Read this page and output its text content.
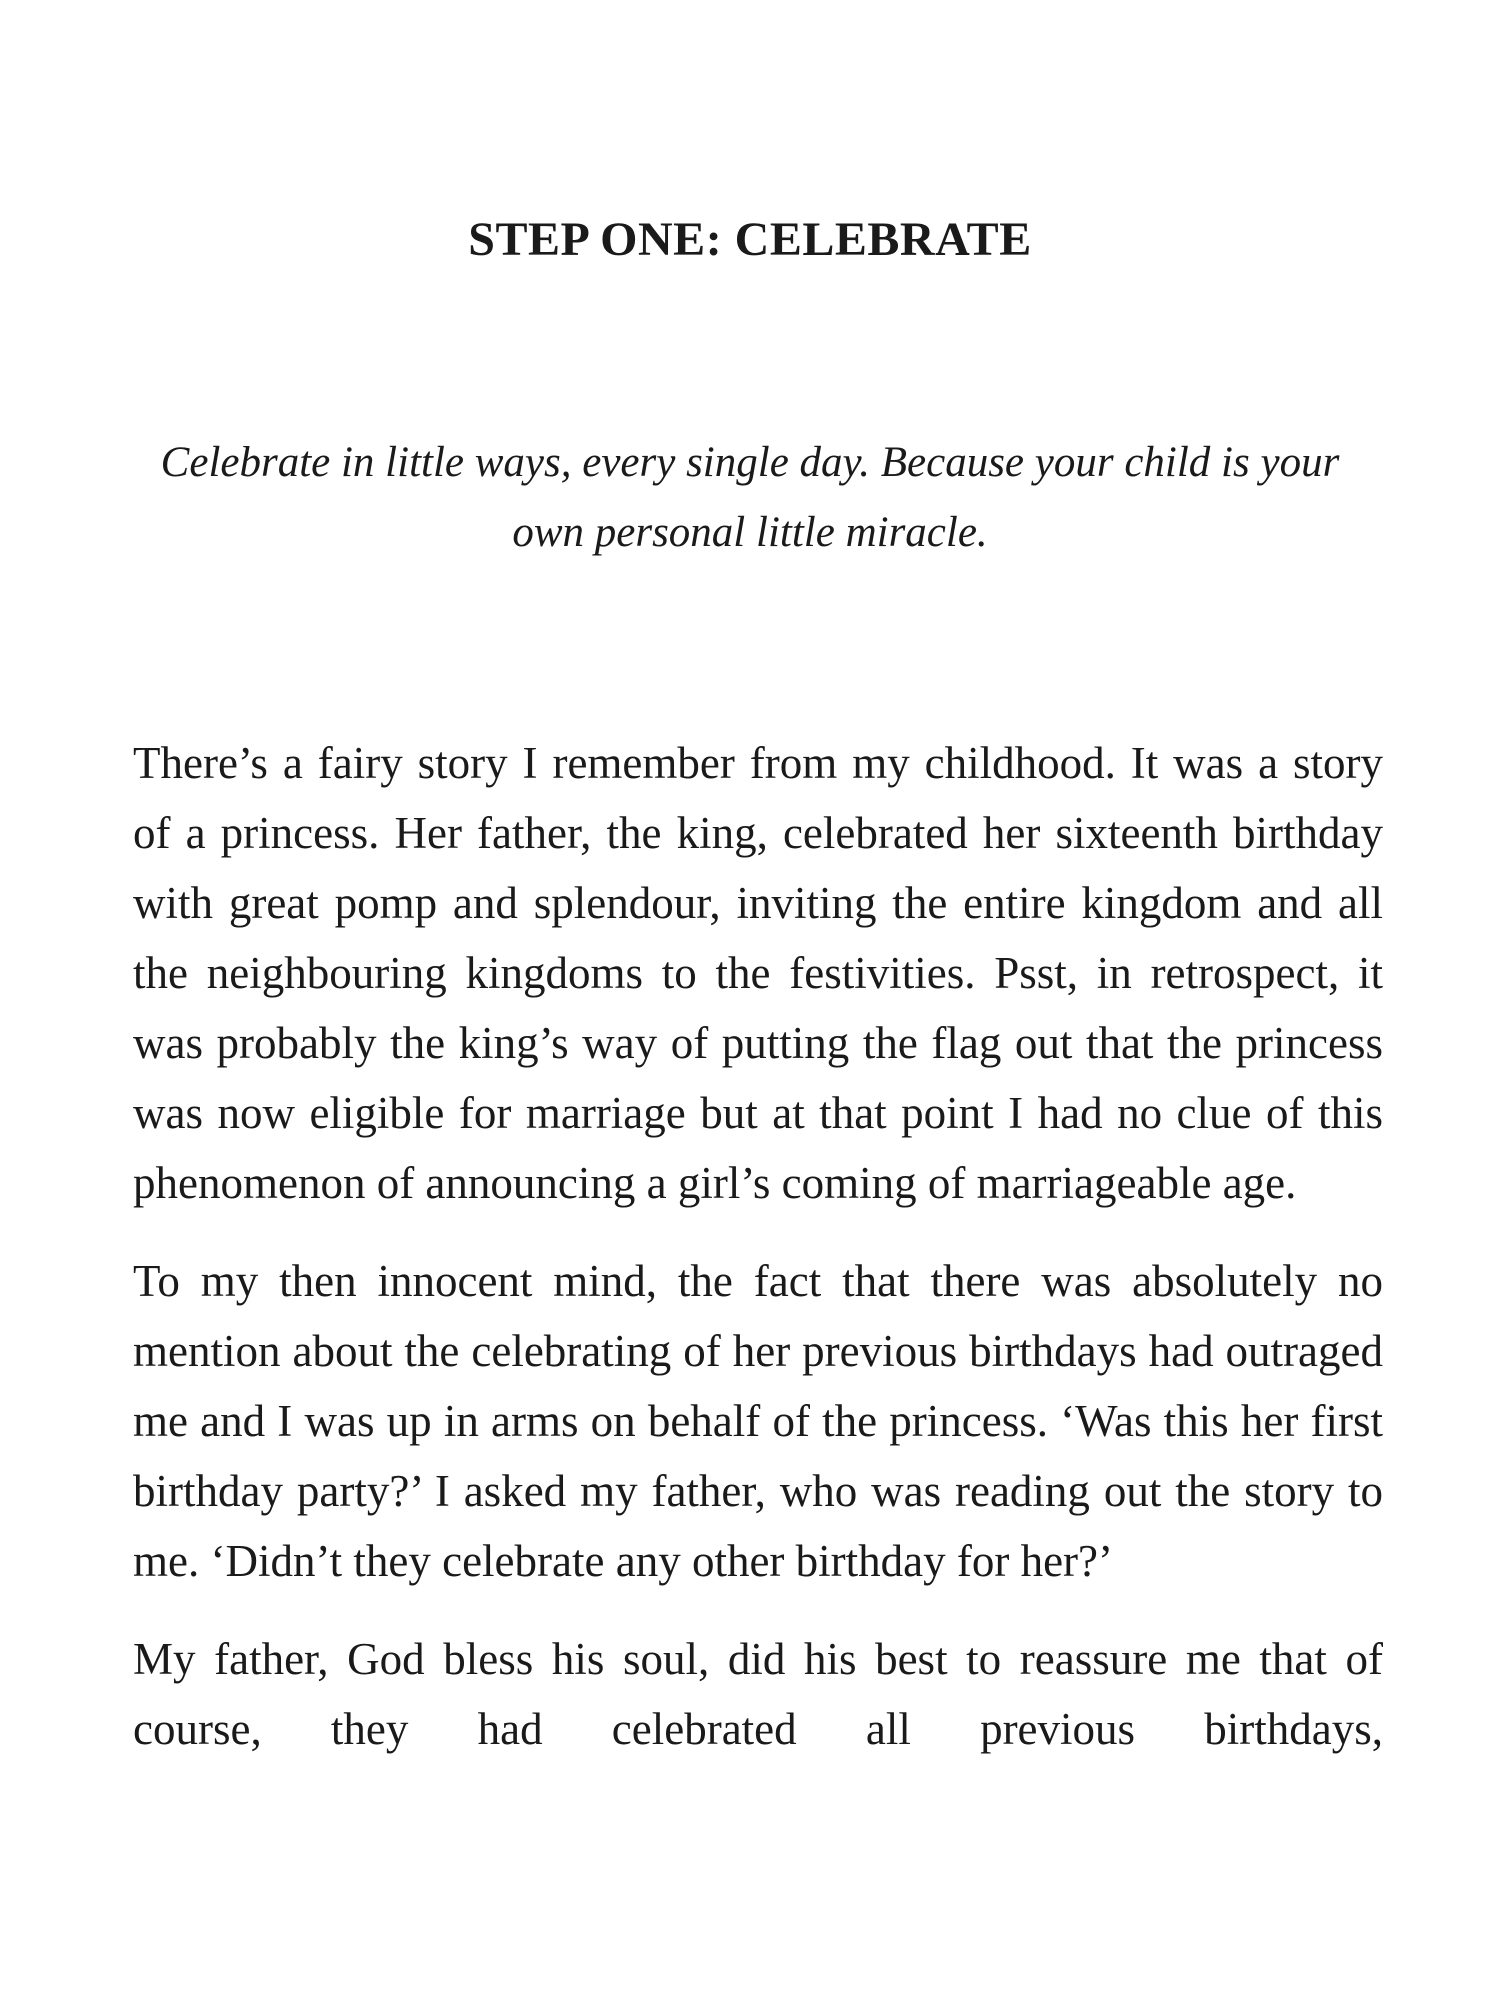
STEP ONE: CELEBRATE

Celebrate in little ways, every single day. Because your child is your own personal little miracle.

There’s a fairy story I remember from my childhood. It was a story of a princess. Her father, the king, celebrated her sixteenth birthday with great pomp and splendour, inviting the entire kingdom and all the neighbouring kingdoms to the festivities. Psst, in retrospect, it was probably the king’s way of putting the flag out that the princess was now eligible for marriage but at that point I had no clue of this phenomenon of announcing a girl’s coming of marriageable age.

To my then innocent mind, the fact that there was absolutely no mention about the celebrating of her previous birthdays had outraged me and I was up in arms on behalf of the princess. ‘Was this her first birthday party?’ I asked my father, who was reading out the story to me. ‘Didn’t they celebrate any other birthday for her?’

My father, God bless his soul, did his best to reassure me that of course, they had celebrated all previous birthdays,
